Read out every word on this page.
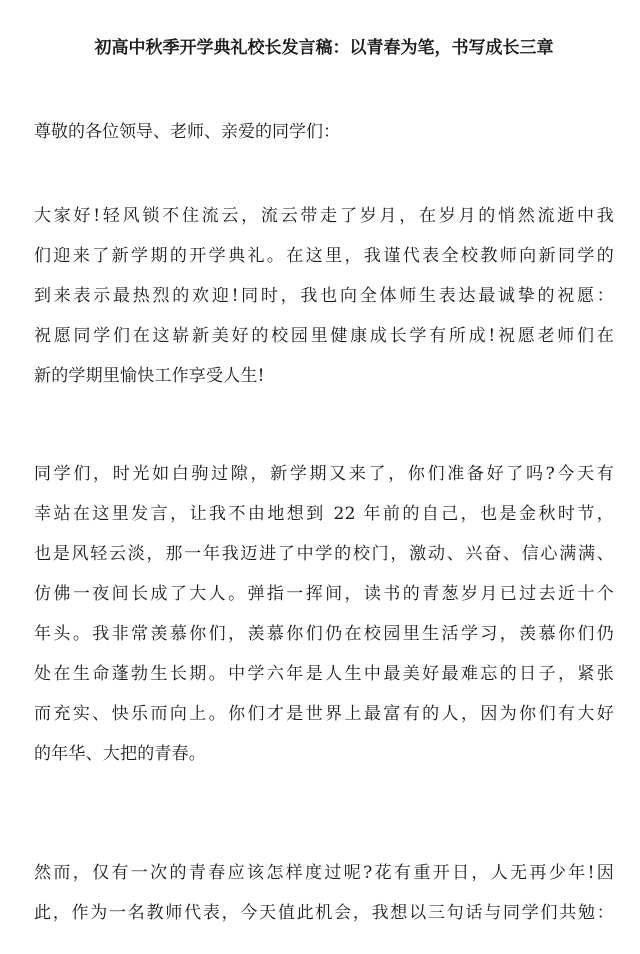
初高中秋季开学典礼校长发言稿：以青春为笔，书写成长三章

尊敬的各位领导、老师、亲爱的同学们：

大家好!轻风锁不住流云，流云带走了岁月，在岁月的悄然流逝中我
们迎来了新学期的开学典礼。在这里，我谨代表全校教师向新同学的
到来表示最热烈的欢迎!同时，我也向全体师生表达最诚挚的祝愿：
祝愿同学们在这崭新美好的校园里健康成长学有所成!祝愿老师们在
新的学期里愉快工作享受人生!
同学们，时光如白驹过隙，新学期又来了，你们准备好了吗?今天有
幸站在这里发言，让我不由地想到 22 年前的自己，也是金秋时节，
也是风轻云淡，那一年我迈进了中学的校门，激动、兴奋、信心满满、
仿佛一夜间长成了大人。弹指一挥间，读书的青葱岁月已过去近十个
年头。我非常羡慕你们，羡慕你们仍在校园里生活学习，羡慕你们仍
处在生命蓬勃生长期。中学六年是人生中最美好最难忘的日子，紧张
而充实、快乐而向上。你们才是世界上最富有的人，因为你们有大好
的年华、大把的青春。
然而，仅有一次的青春应该怎样度过呢?花有重开日，人无再少年!因
此，作为一名教师代表，今天值此机会，我想以三句话与同学们共勉：
